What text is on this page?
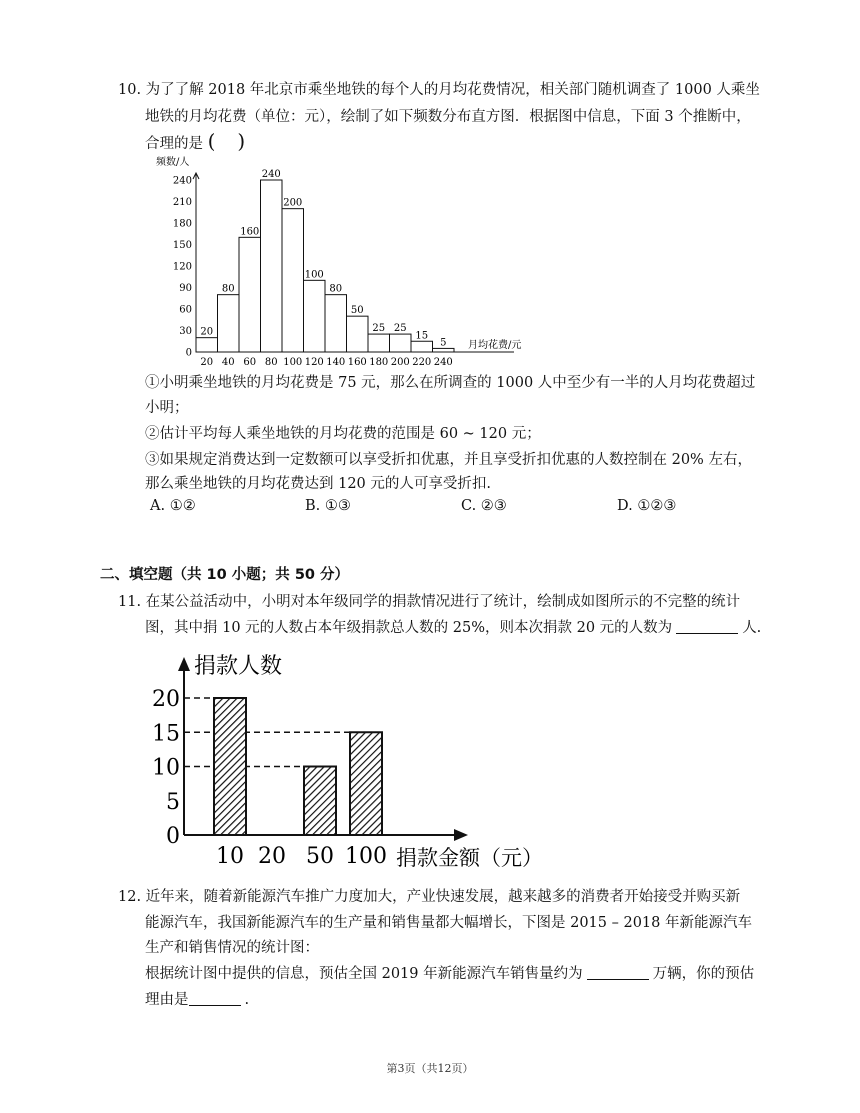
10. 为了了解 2018 年北京市乘坐地铁的每个人的月均花费情况，相关部门随机调查了 1000 人乘坐
地铁的月均花费（单位：元），绘制了如下频数分布直方图．根据图中信息，下面 3 个推断中，
合理的是 ( )
20
80
160
240
200
100
80
50
25 25
15
5
0
30
60
90
120
150
180
210
240
20 40 60 80 100 120 140 160 180 200 220 240
频数/人
月均花费/元
①小明乘坐地铁的月均花费是 75 元，那么在所调查的 1000 人中至少有一半的人月均花费超过
小明；
②估计平均每人乘坐地铁的月均花费的范围是 60 ~ 120 元；
③如果规定消费达到一定数额可以享受折扣优惠，并且享受折扣优惠的人数控制在 20% 左右，
那么乘坐地铁的月均花费达到 120 元的人可享受折扣.
A. ①②	B. ①③	C. ②③	D. ①②③
二、填空题（共 10 小题；共 50 分）
11. 在某公益活动中，小明对本年级同学的捐款情况进行了统计，绘制成如图所示的不完整的统计
图，其中捐 10 元的人数占本年级捐款总人数的 25%，则本次捐款 20 元的人数为	人.
0
5
10
15
20
10 20 50 100
捐款人数
捐款金额（元）
12. 近年来，随着新能源汽车推广力度加大，产业快速发展，越来越多的消费者开始接受并购买新
能源汽车，我国新能源汽车的生产量和销售量都大幅增长，下图是 2015 – 2018 年新能源汽车
生产和销售情况的统计图：
根据统计图中提供的信息，预估全国 2019 年新能源汽车销售量约为	万辆，你的预估
理由是	.
第3页（共12页）
